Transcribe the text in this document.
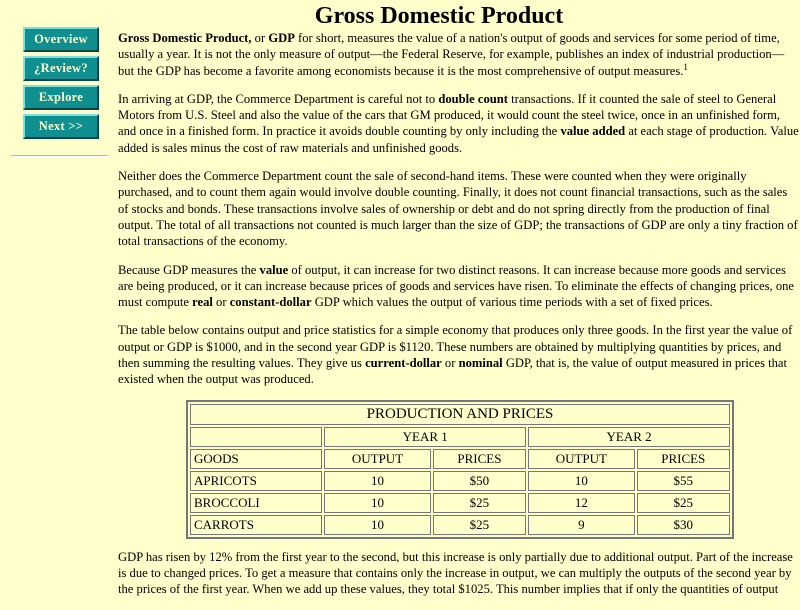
Overview
¿Review?
Explore
Next >>
Gross Domestic Product

Gross Domestic Product, or GDP for short, measures the value of a nation's output of goods and services for some period of time, usually a year. It is not the only measure of output—the Federal Reserve, for example, publishes an index of industrial production—but the GDP has become a favorite among economists because it is the most comprehensive of output measures.$^1$

In arriving at GDP, the Commerce Department is careful not to double count transactions. If it counted the sale of steel to General Motors from U.S. Steel and also the value of the cars that GM produced, it would count the steel twice, once in an unfinished form, and once in a finished form. In practice it avoids double counting by only including the value added at each stage of production. Value added is sales minus the cost of raw materials and unfinished goods.

Neither does the Commerce Department count the sale of second-hand items. These were counted when they were originally purchased, and to count them again would involve double counting. Finally, it does not count financial transactions, such as the sales of stocks and bonds. These transactions involve sales of ownership or debt and do not spring directly from the production of final output. The total of all transactions not counted is much larger than the size of GDP; the transactions of GDP are only a tiny fraction of total transactions of the economy.

Because GDP measures the value of output, it can increase for two distinct reasons. It can increase because more goods and services are being produced, or it can increase because prices of goods and services have risen. To eliminate the effects of changing prices, one must compute real or constant-dollar GDP which values the output of various time periods with a set of fixed prices.

The table below contains output and price statistics for a simple economy that produces only three goods. In the first year the value of output or GDP is $1000, and in the second year GDP is $1120. These numbers are obtained by multiplying quantities by prices, and then summing the resulting values. They give us current-dollar or nominal GDP, that is, the value of output measured in prices that existed when the output was produced.

PRODUCTION AND PRICES				
	YEAR 1		YEAR 2	
GOODS	OUTPUT	PRICES	OUTPUT	PRICES
APRICOTS	10	$50	10	$55
BROCCOLI	10	$25	12	$25
CARROTS	10	$25	9	$30

GDP has risen by 12% from the first year to the second, but this increase is only partially due to additional output. Part of the increase is due to changed prices. To get a measure that contains only the increase in output, we can multiply the outputs of the second year by the prices of the first year. When we add up these values, they total $1025. This number implies that if only the quantities of output
